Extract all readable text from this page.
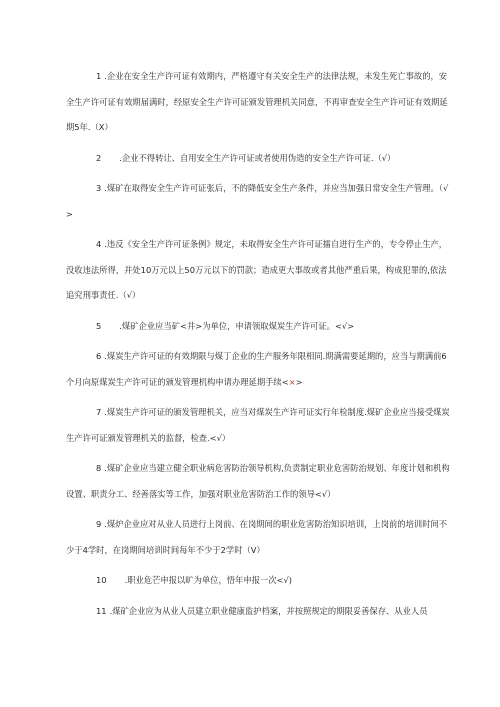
1 .企业在安全生产许可证有效期内，严格遵守有关安全生产的法律法规，未发生死亡事故的，安全生产许可证有效期届满时，经原安全生产许可证颁发管理机关同意，不再审查安全生产许可证有效期延期5年.（X）

2 .企业不得转让、自用安全生产许可证或者使用伪造的安全生产许可证.（√）

3 .煤矿在取得安全生产许可证张后，不的降低安全生产条件，并应当加强日常安全生产管理。（√>

4 .违反《安全生产许可证条例》规定，未取得安全生产许可证擂自进行生产的，专令停止生产，没收违法所得，并处10万元以上50万元以下的罚款；造成更大事故或者其他严重后果，构成犯罪的,依法追究刑事责任.（√）

5 .煤矿企业应当矿<井>为单位，申请领取煤炭生产许可证。<√>

6 .煤炭生产许可证的有效期限与煤丁企业的生产服务年限相同.期满需要延期的，应当与期满前6个月向原煤炭生产许可证的颁发管理机构申请办理延期手续<×>

7 .煤炭生产许可证的颁发管理机关，应当对煤炭生产许可证实行年检制度.煤矿企业应当接受煤炭生产许可证颁发管理机关的监督，检查.<√）

8 .煤矿企业应当建立健全职业病危害防治领导机构,负责制定职业危害防治规划、年度计划和机构设置、职责分工、经善落实等工作，加强对职业危害防治工作的领导<√）

9 .煤炉企业应对从业人员进行上岗前、在岗期间的职业危害防治知识培训，上岗前的培训时间不少于4学时，在岗期间培训时间每年不少于2学时（V）

10 .职业危芒申报以旷为单位，悟年申报一次<√)

11 .煤矿企业应为从业人员建立职业健康监护档案，并按照规定的期限妥善保存、从业人员
